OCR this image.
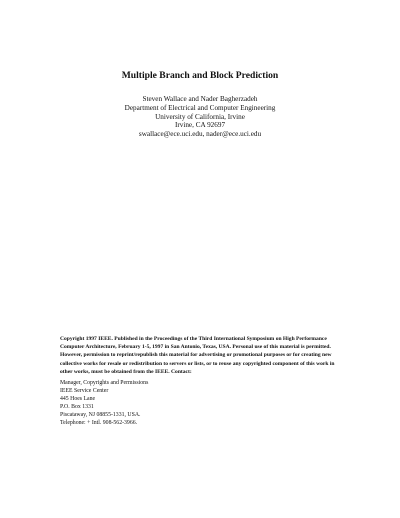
Multiple Branch and Block Prediction
Steven Wallace and Nader Bagherzadeh
Department of Electrical and Computer Engineering
University of California, Irvine
Irvine, CA 92697
swallace@ece.uci.edu, nader@ece.uci.edu
Copyright 1997 IEEE. Published in the Proceedings of the Third International Symposium on High Performance
Computer Architecture, February 1-5, 1997 in San Antonio, Texas, USA. Personal use of this material is permitted.
However, permission to reprint/republish this material for advertising or promotional purposes or for creating new
collective works for resale or redistribution to servers or lists, or to reuse any copyrighted component of this work in
other works, must be obtained from the IEEE. Contact:
Manager, Copyrights and Permissions
IEEE Service Center
445 Hoes Lane
P.O. Box 1331
Piscataway, NJ 08855-1331, USA.
Telephone: + Intl. 908-562-3966.
